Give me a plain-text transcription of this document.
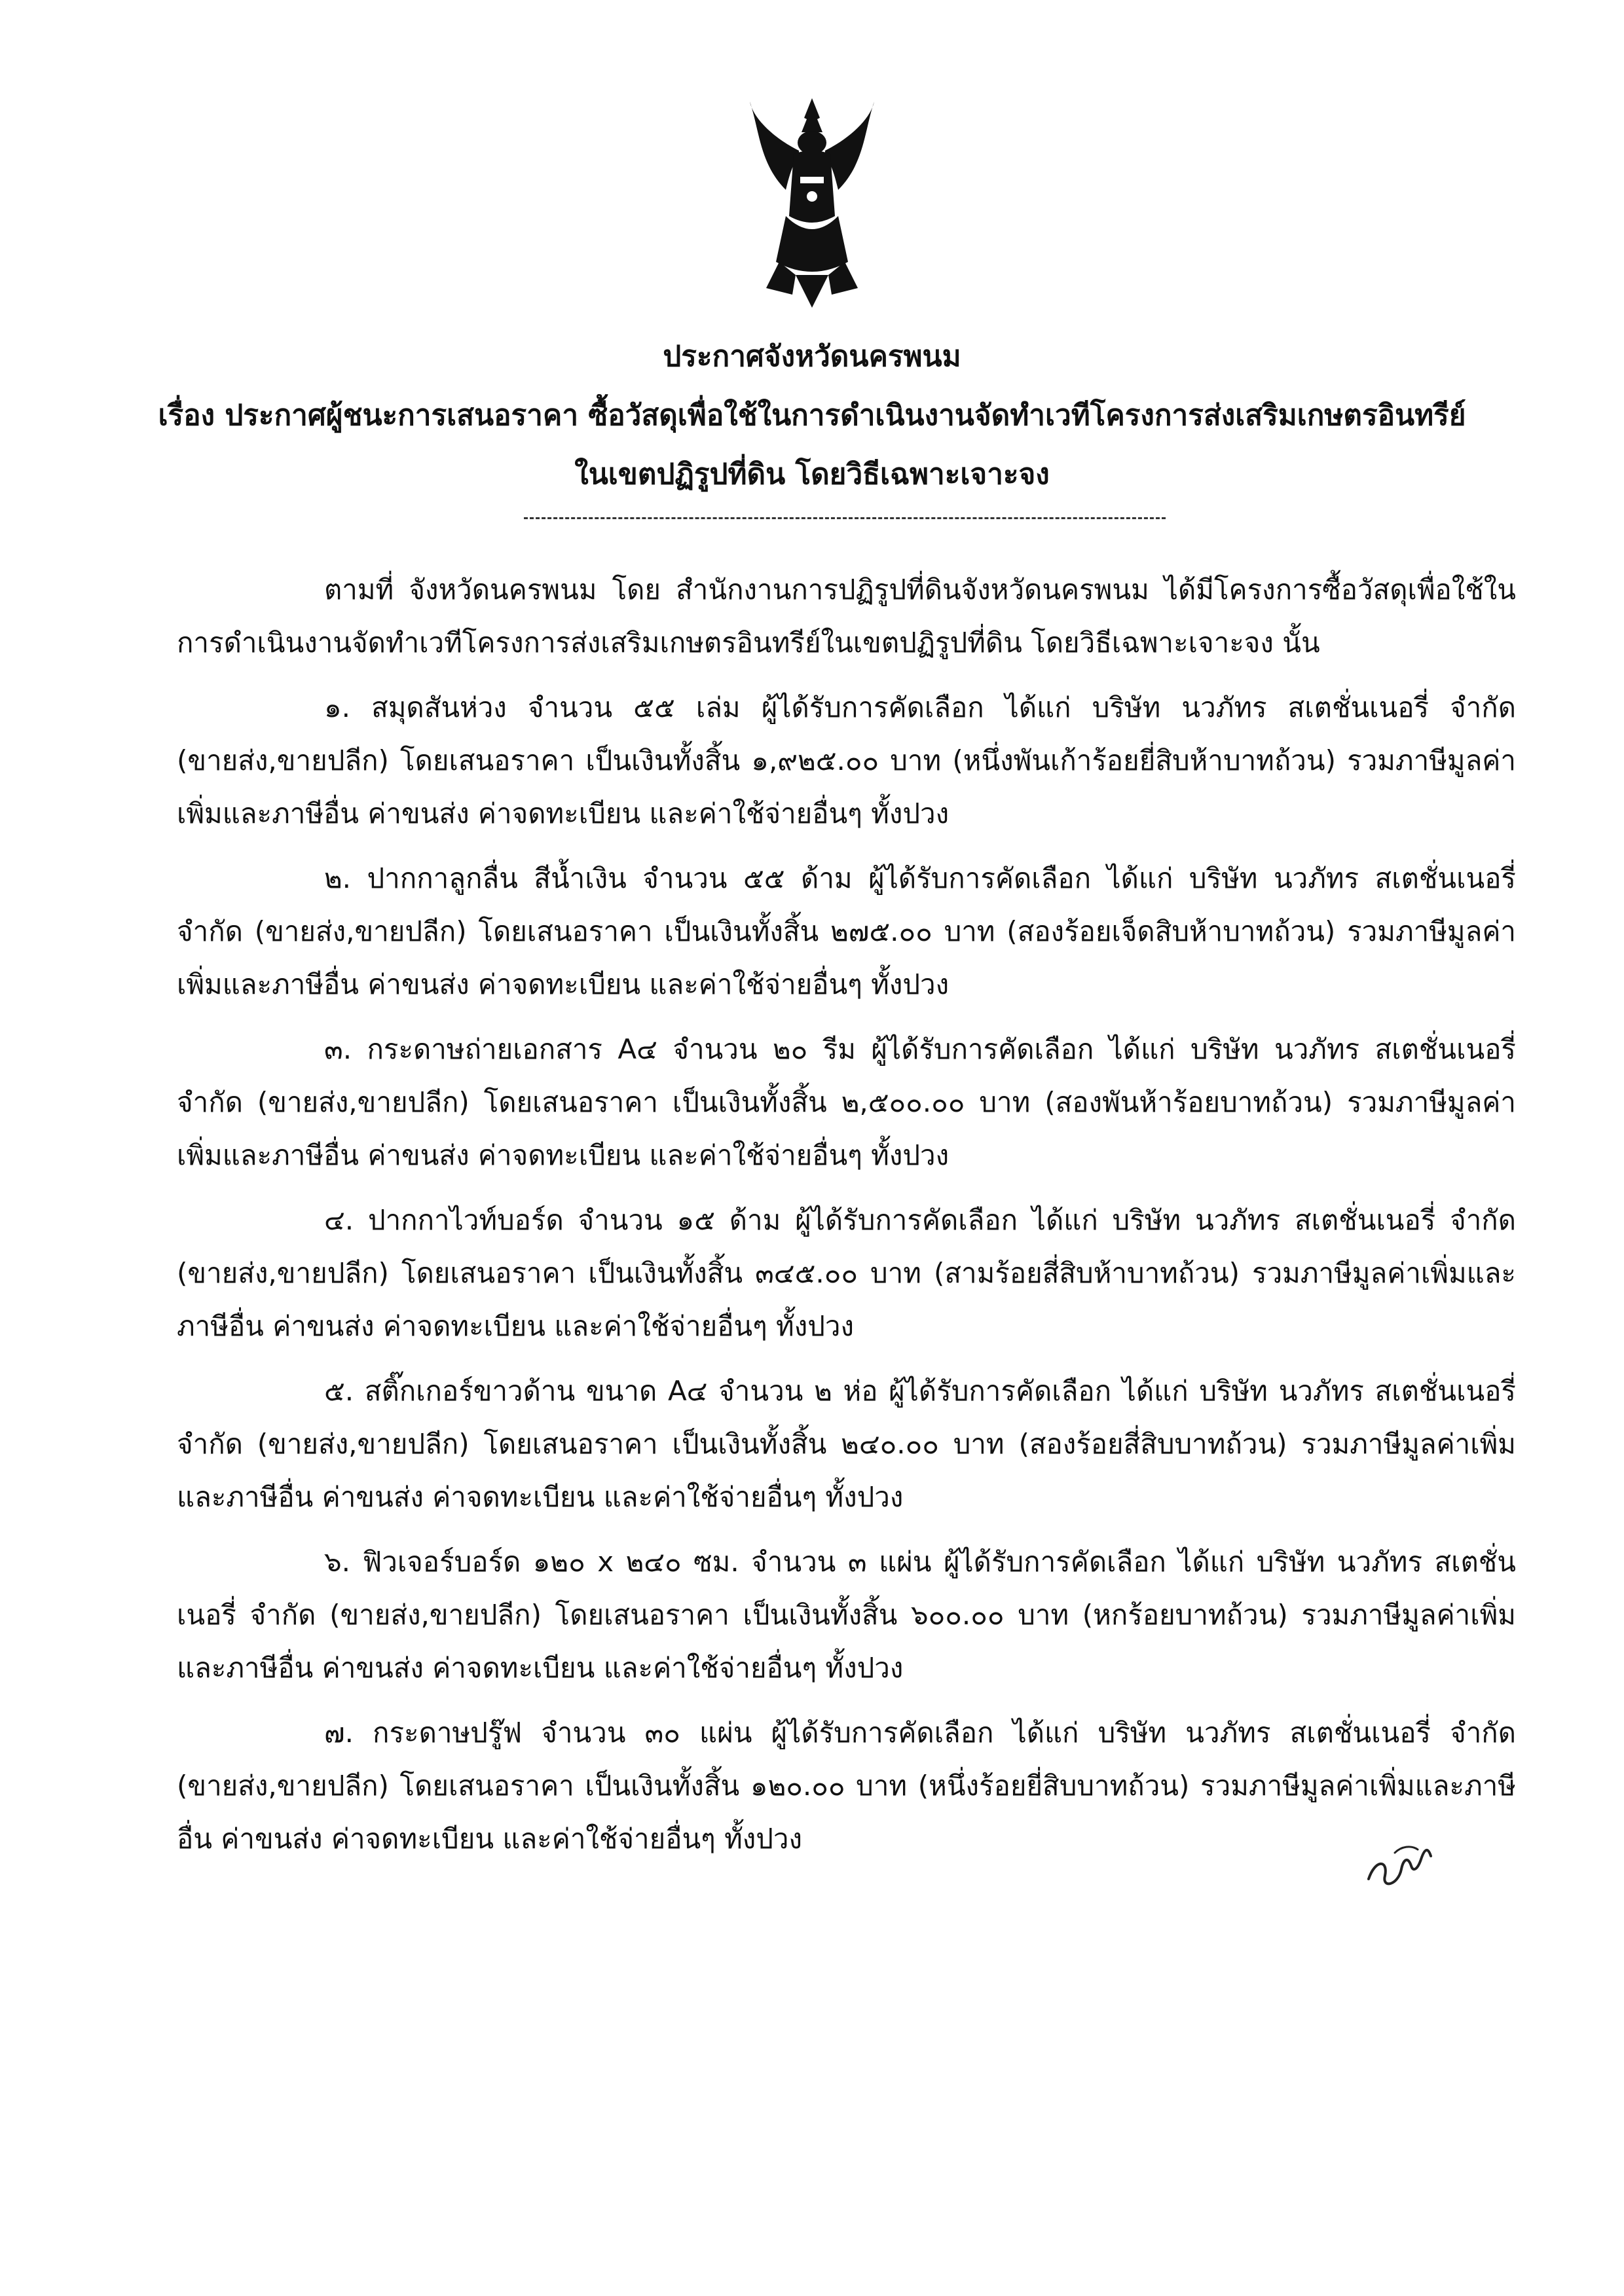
ประกาศจังหวัดนครพนม
เรื่อง ประกาศผู้ชนะการเสนอราคา ซื้อวัสดุเพื่อใช้ในการดำเนินงานจัดทำเวทีโครงการส่งเสริมเกษตรอินทรีย์
ในเขตปฏิรูปที่ดิน โดยวิธีเฉพาะเจาะจง

ตามที่ จังหวัดนครพนม โดย สำนักงานการปฏิรูปที่ดินจังหวัดนครพนม ได้มีโครงการซื้อวัสดุเพื่อใช้ในการดำเนินงานจัดทำเวทีโครงการส่งเสริมเกษตรอินทรีย์ในเขตปฏิรูปที่ดิน โดยวิธีเฉพาะเจาะจง นั้น

๑. สมุดสันห่วง จำนวน ๕๕ เล่ม ผู้ได้รับการคัดเลือก ได้แก่ บริษัท นวภัทร สเตชั่นเนอรี่ จำกัด (ขายส่ง,ขายปลีก) โดยเสนอราคา เป็นเงินทั้งสิ้น ๑,๙๒๕.๐๐ บาท (หนึ่งพันเก้าร้อยยี่สิบห้าบาทถ้วน) รวมภาษีมูลค่าเพิ่มและภาษีอื่น ค่าขนส่ง ค่าจดทะเบียน และค่าใช้จ่ายอื่นๆ ทั้งปวง

๒. ปากกาลูกลื่น สีน้ำเงิน จำนวน ๕๕ ด้าม ผู้ได้รับการคัดเลือก ได้แก่ บริษัท นวภัทร สเตชั่นเนอรี่ จำกัด (ขายส่ง,ขายปลีก) โดยเสนอราคา เป็นเงินทั้งสิ้น ๒๗๕.๐๐ บาท (สองร้อยเจ็ดสิบห้าบาทถ้วน) รวมภาษีมูลค่าเพิ่มและภาษีอื่น ค่าขนส่ง ค่าจดทะเบียน และค่าใช้จ่ายอื่นๆ ทั้งปวง

๓. กระดาษถ่ายเอกสาร A๔ จำนวน ๒๐ รีม ผู้ได้รับการคัดเลือก ได้แก่ บริษัท นวภัทร สเตชั่นเนอรี่ จำกัด (ขายส่ง,ขายปลีก) โดยเสนอราคา เป็นเงินทั้งสิ้น ๒,๕๐๐.๐๐ บาท (สองพันห้าร้อยบาทถ้วน) รวมภาษีมูลค่าเพิ่มและภาษีอื่น ค่าขนส่ง ค่าจดทะเบียน และค่าใช้จ่ายอื่นๆ ทั้งปวง

๔. ปากกาไวท์บอร์ด จำนวน ๑๕ ด้าม ผู้ได้รับการคัดเลือก ได้แก่ บริษัท นวภัทร สเตชั่นเนอรี่ จำกัด (ขายส่ง,ขายปลีก) โดยเสนอราคา เป็นเงินทั้งสิ้น ๓๔๕.๐๐ บาท (สามร้อยสี่สิบห้าบาทถ้วน) รวมภาษีมูลค่าเพิ่มและภาษีอื่น ค่าขนส่ง ค่าจดทะเบียน และค่าใช้จ่ายอื่นๆ ทั้งปวง

๕. สติ๊กเกอร์ขาวด้าน ขนาด A๔ จำนวน ๒ ห่อ ผู้ได้รับการคัดเลือก ได้แก่ บริษัท นวภัทร สเตชั่นเนอรี่ จำกัด (ขายส่ง,ขายปลีก) โดยเสนอราคา เป็นเงินทั้งสิ้น ๒๔๐.๐๐ บาท (สองร้อยสี่สิบบาทถ้วน) รวมภาษีมูลค่าเพิ่มและภาษีอื่น ค่าขนส่ง ค่าจดทะเบียน และค่าใช้จ่ายอื่นๆ ทั้งปวง

๖. ฟิวเจอร์บอร์ด ๑๒๐ x ๒๔๐ ซม. จำนวน ๓ แผ่น ผู้ได้รับการคัดเลือก ได้แก่ บริษัท นวภัทร สเตชั่นเนอรี่ จำกัด (ขายส่ง,ขายปลีก) โดยเสนอราคา เป็นเงินทั้งสิ้น ๖๐๐.๐๐ บาท (หกร้อยบาทถ้วน) รวมภาษีมูลค่าเพิ่มและภาษีอื่น ค่าขนส่ง ค่าจดทะเบียน และค่าใช้จ่ายอื่นๆ ทั้งปวง

๗. กระดาษปรู๊ฟ จำนวน ๓๐ แผ่น ผู้ได้รับการคัดเลือก ได้แก่ บริษัท นวภัทร สเตชั่นเนอรี่ จำกัด (ขายส่ง,ขายปลีก) โดยเสนอราคา เป็นเงินทั้งสิ้น ๑๒๐.๐๐ บาท (หนึ่งร้อยยี่สิบบาทถ้วน) รวมภาษีมูลค่าเพิ่มและภาษีอื่น ค่าขนส่ง ค่าจดทะเบียน และค่าใช้จ่ายอื่นๆ ทั้งปวง
